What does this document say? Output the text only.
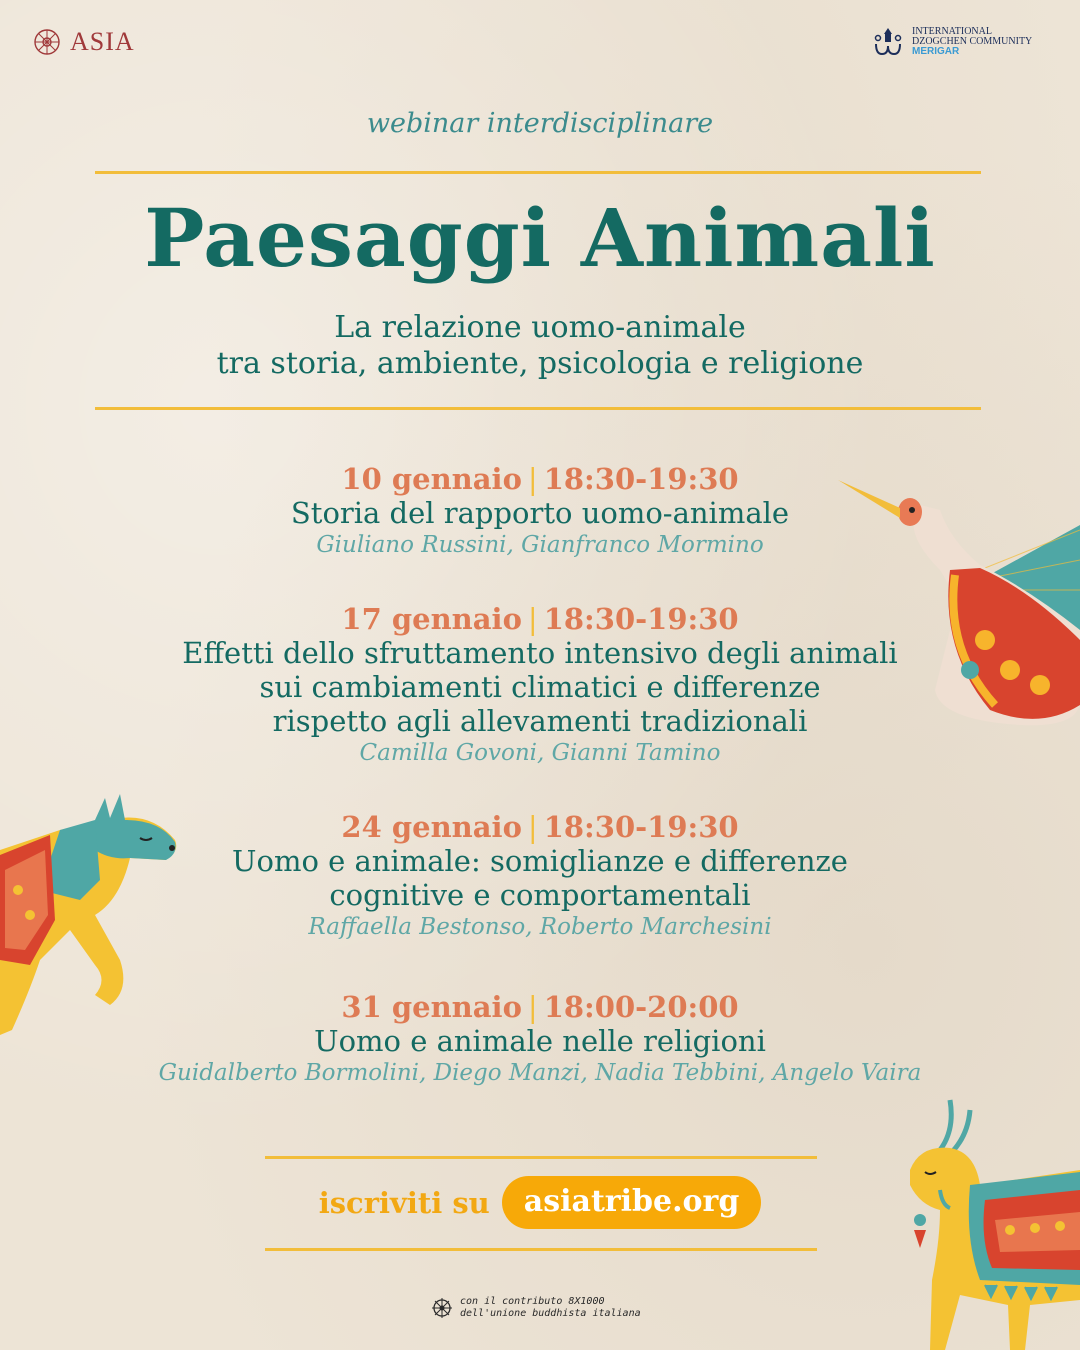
ASIA	INTERNATIONAL
DZOGCHEN COMMUNITY
MERIGAR
webinar interdisciplinare
Paesaggi Animali
La relazione uomo-animale
tra storia, ambiente, psicologia e religione
10 gennaio | 18:30-19:30
Storia del rapporto uomo-animale
Giuliano Russini, Gianfranco Mormino
17 gennaio | 18:30-19:30
Effetti dello sfruttamento intensivo degli animali
sui cambiamenti climatici e differenze
rispetto agli allevamenti tradizionali
Camilla Govoni, Gianni Tamino
24 gennaio | 18:30-19:30
Uomo e animale: somiglianze e differenze
cognitive e comportamentali
Raffaella Bestonso, Roberto Marchesini
31 gennaio | 18:00-20:00
Uomo e animale nelle religioni
Guidalberto Bormolini, Diego Manzi, Nadia Tebbini, Angelo Vaira
iscriviti su	asiatribe.org
con il contributo 8X1000
dell'unione buddhista italiana
